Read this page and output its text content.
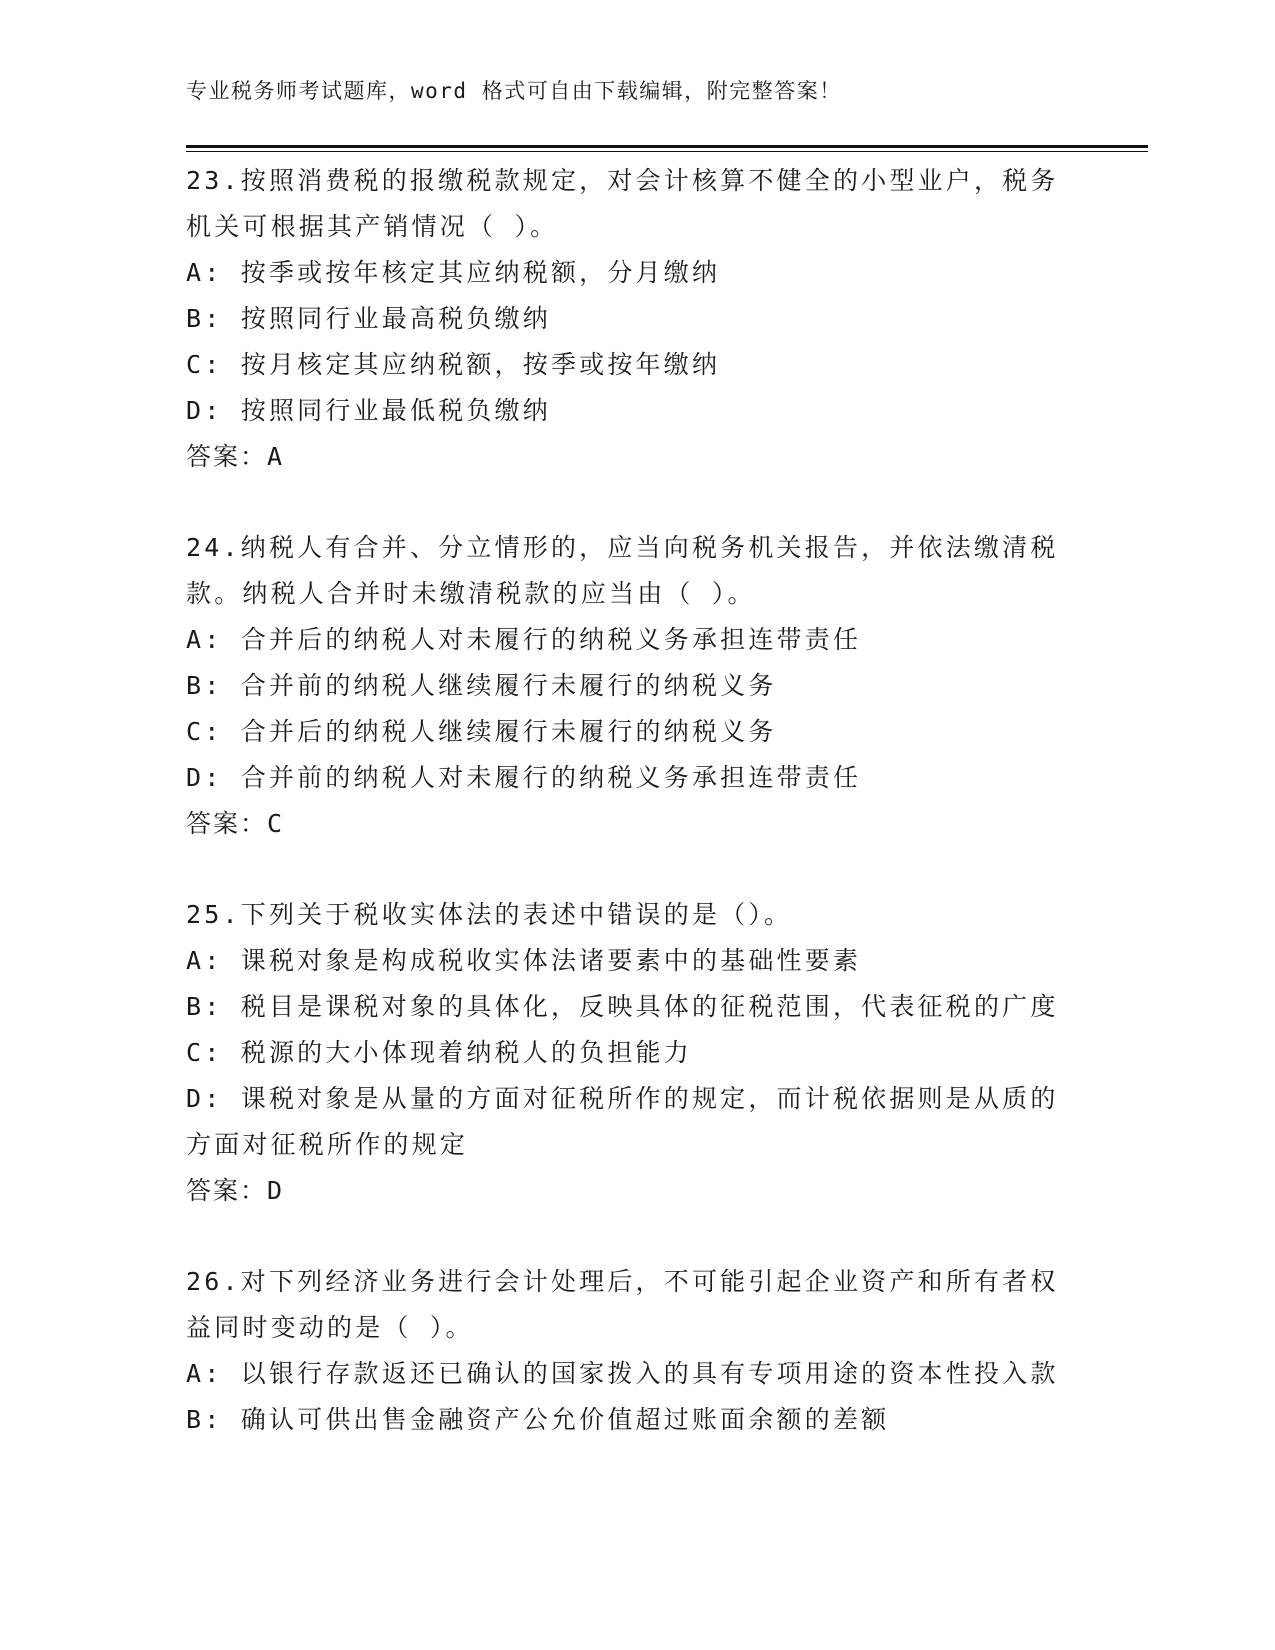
专业税务师考试题库，word 格式可自由下载编辑，附完整答案！
23.按照消费税的报缴税款规定，对会计核算不健全的小型业户，税务
机关可根据其产销情况（ ）。
A: 按季或按年核定其应纳税额，分月缴纳
B: 按照同行业最高税负缴纳
C: 按月核定其应纳税额，按季或按年缴纳
D: 按照同行业最低税负缴纳
答案：A
24.纳税人有合并、分立情形的，应当向税务机关报告，并依法缴清税
款。纳税人合并时未缴清税款的应当由（ ）。
A: 合并后的纳税人对未履行的纳税义务承担连带责任
B: 合并前的纳税人继续履行未履行的纳税义务
C: 合并后的纳税人继续履行未履行的纳税义务
D: 合并前的纳税人对未履行的纳税义务承担连带责任
答案：C
25.下列关于税收实体法的表述中错误的是（）。
A: 课税对象是构成税收实体法诸要素中的基础性要素
B: 税目是课税对象的具体化，反映具体的征税范围，代表征税的广度
C: 税源的大小体现着纳税人的负担能力
D: 课税对象是从量的方面对征税所作的规定，而计税依据则是从质的
方面对征税所作的规定
答案：D
26.对下列经济业务进行会计处理后，不可能引起企业资产和所有者权
益同时变动的是（ ）。
A: 以银行存款返还已确认的国家拨入的具有专项用途的资本性投入款
B: 确认可供出售金融资产公允价值超过账面余额的差额
